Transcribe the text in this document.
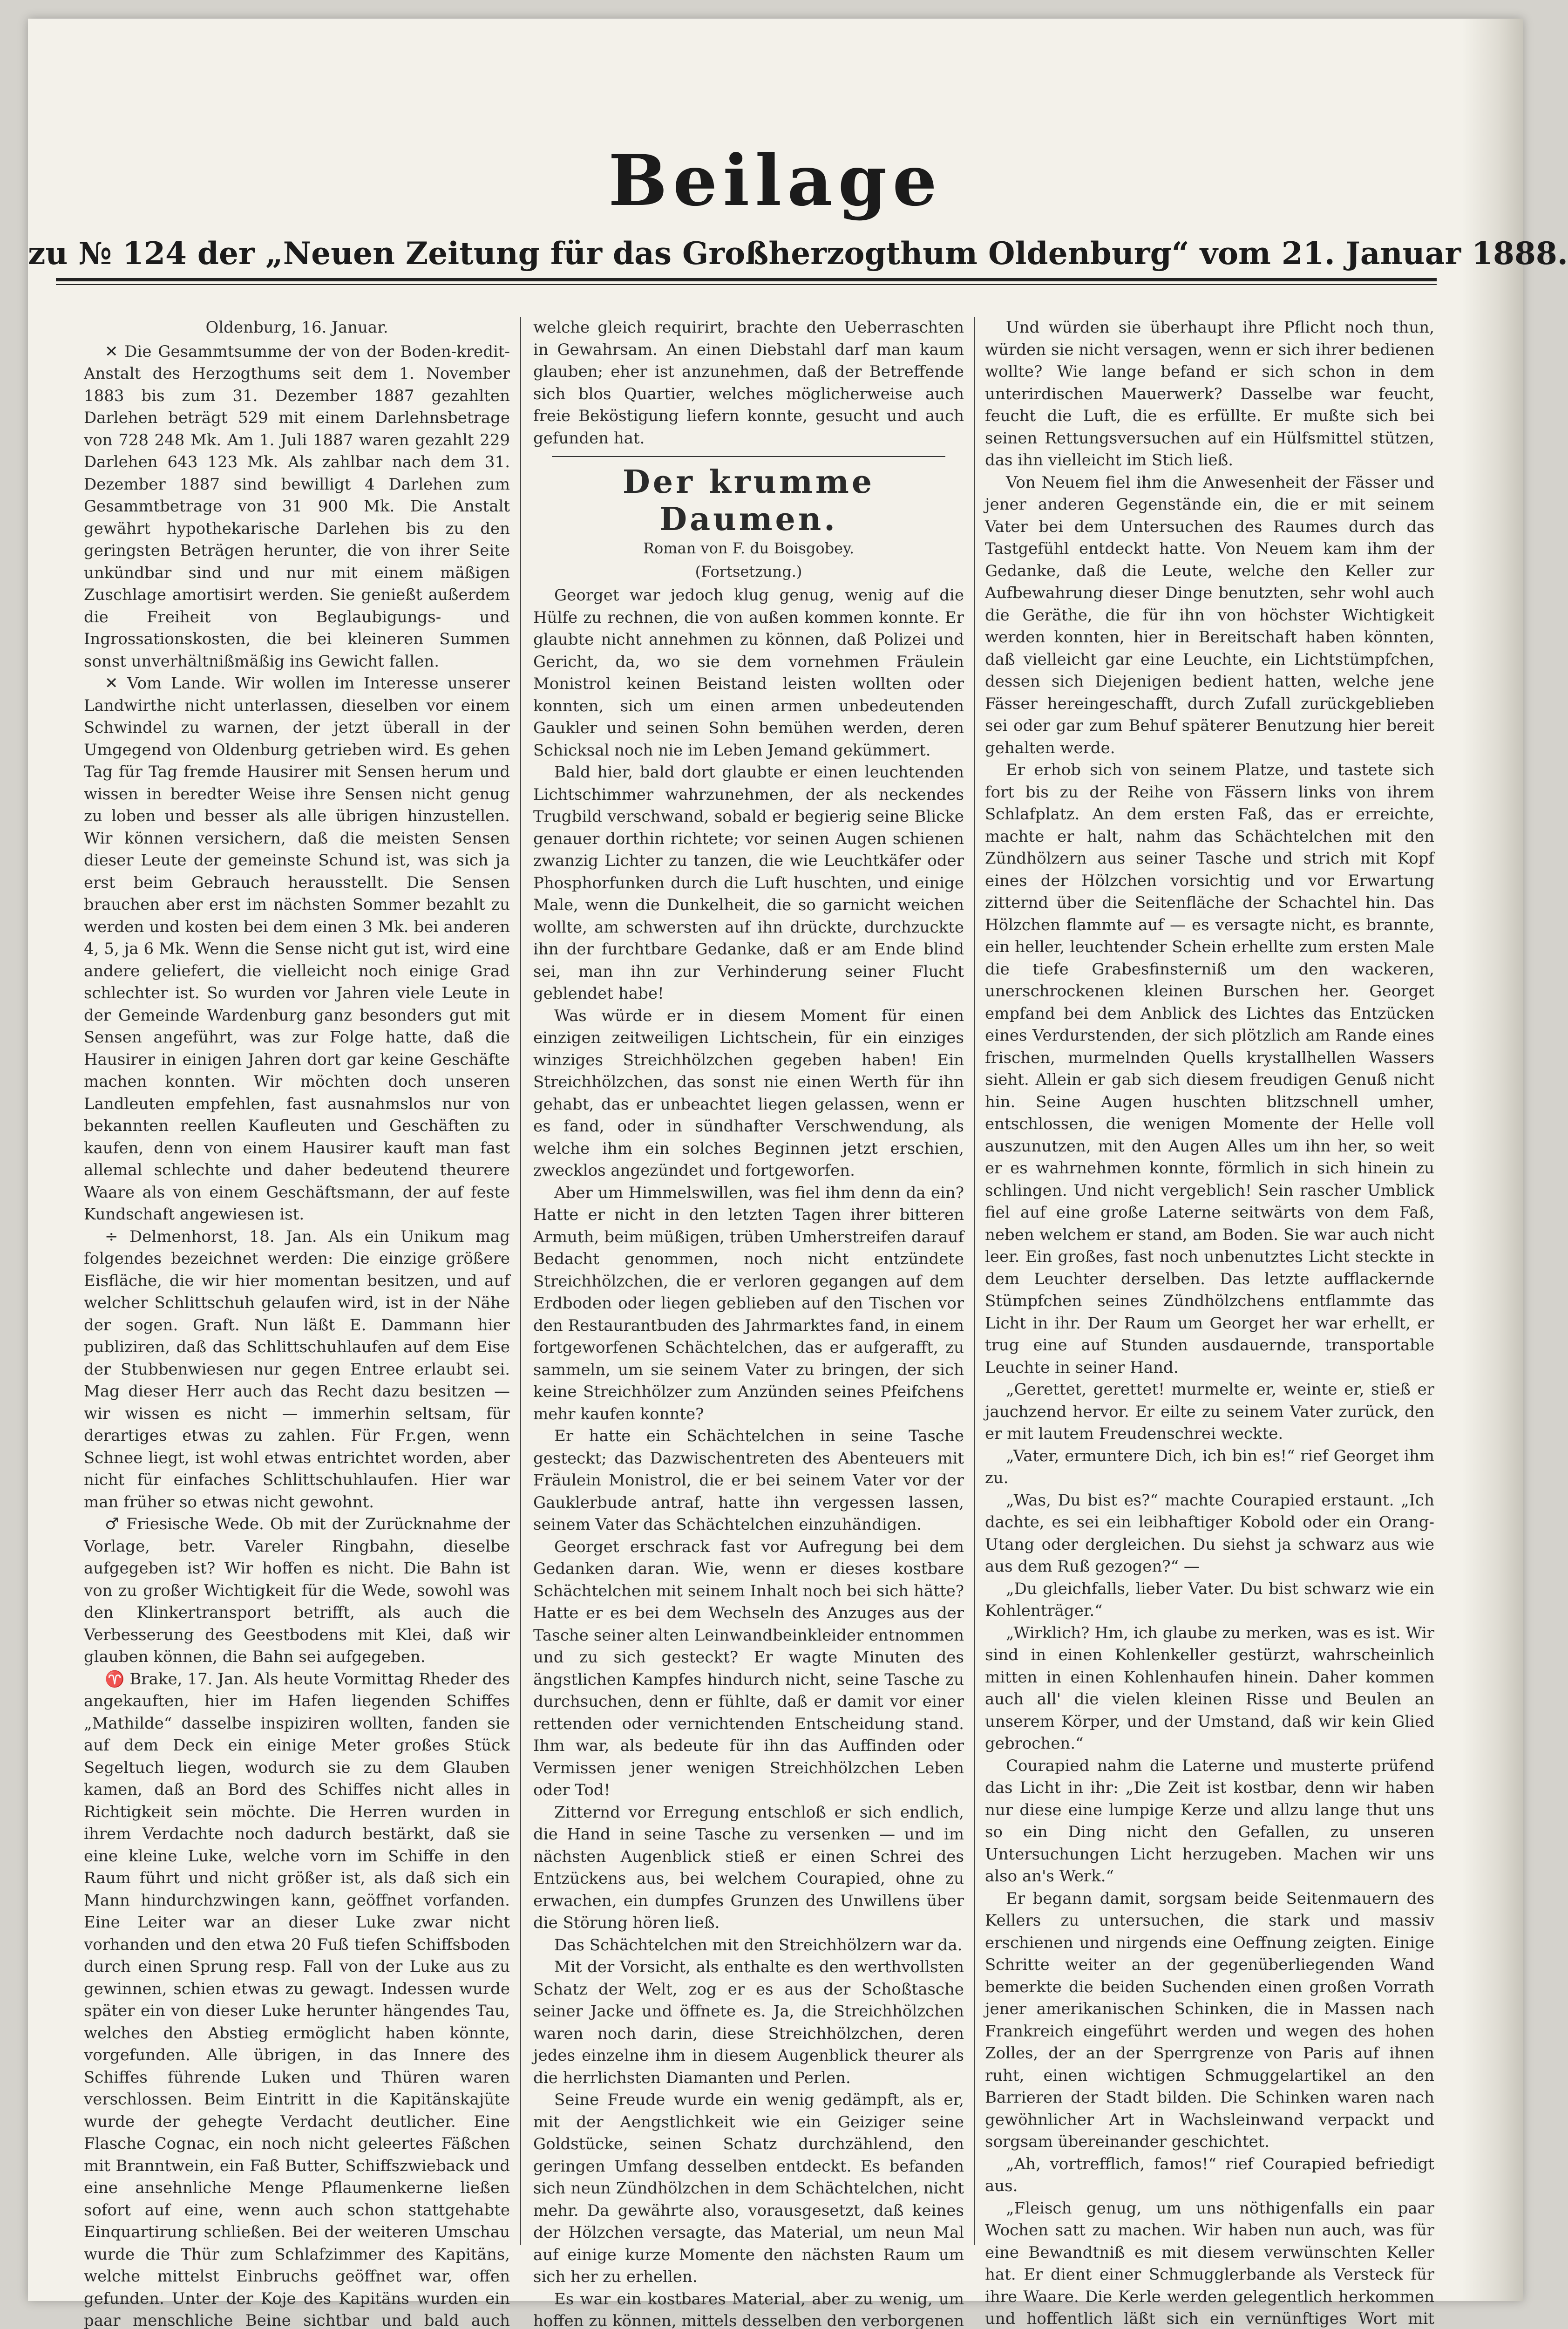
Beilage
zu № 124 der „Neuen Zeitung für das Großherzogthum Oldenburg“ vom 21. Januar 1888.

Oldenburg, 16. Januar.

✕ Die Gesammtsumme der von der Boden-kredit-Anstalt des Herzogthums seit dem 1. November 1883 bis zum 31. Dezember 1887 gezahlten Darlehen beträgt 529 mit einem Darlehnsbetrage von 728 248 Mk. Am 1. Juli 1887 waren gezahlt 229 Darlehen 643 123 Mk. Als zahlbar nach dem 31. Dezember 1887 sind bewilligt 4 Darlehen zum Gesammtbetrage von 31 900 Mk. Die Anstalt gewährt hypothekarische Darlehen bis zu den geringsten Beträgen herunter, die von ihrer Seite unkündbar sind und nur mit einem mäßigen Zuschlage amortisirt werden. Sie genießt außerdem die Freiheit von Beglaubigungs- und Ingrossationskosten, die bei kleineren Summen sonst unverhältnißmäßig ins Gewicht fallen.

✕ Vom Lande. Wir wollen im Interesse unserer Landwirthe nicht unterlassen, dieselben vor einem Schwindel zu warnen, der jetzt überall in der Umgegend von Oldenburg getrieben wird. Es gehen Tag für Tag fremde Hausirer mit Sensen herum und wissen in beredter Weise ihre Sensen nicht genug zu loben und besser als alle übrigen hinzustellen. Wir können versichern, daß die meisten Sensen dieser Leute der gemeinste Schund ist, was sich ja erst beim Gebrauch herausstellt. Die Sensen brauchen aber erst im nächsten Sommer bezahlt zu werden und kosten bei dem einen 3 Mk. bei anderen 4, 5, ja 6 Mk. Wenn die Sense nicht gut ist, wird eine andere geliefert, die vielleicht noch einige Grad schlechter ist. So wurden vor Jahren viele Leute in der Gemeinde Wardenburg ganz besonders gut mit Sensen angeführt, was zur Folge hatte, daß die Hausirer in einigen Jahren dort gar keine Geschäfte machen konnten. Wir möchten doch unseren Landleuten empfehlen, fast ausnahmslos nur von bekannten reellen Kaufleuten und Geschäften zu kaufen, denn von einem Hausirer kauft man fast allemal schlechte und daher bedeutend theurere Waare als von einem Geschäftsmann, der auf feste Kundschaft angewiesen ist.

÷ Delmenhorst, 18. Jan. Als ein Unikum mag folgendes bezeichnet werden: Die einzige größere Eisfläche, die wir hier momentan besitzen, und auf welcher Schlittschuh gelaufen wird, ist in der Nähe der sogen. Graft. Nun läßt E. Dammann hier publiziren, daß das Schlittschuhlaufen auf dem Eise der Stubbenwiesen nur gegen Entree erlaubt sei. Mag dieser Herr auch das Recht dazu besitzen — wir wissen es nicht — immerhin seltsam, für derartiges etwas zu zahlen. Für Fr.gen, wenn Schnee liegt, ist wohl etwas entrichtet worden, aber nicht für einfaches Schlittschuhlaufen. Hier war man früher so etwas nicht gewohnt.

♂ Friesische Wede. Ob mit der Zurücknahme der Vorlage, betr. Vareler Ringbahn, dieselbe aufgegeben ist? Wir hoffen es nicht. Die Bahn ist von zu großer Wichtigkeit für die Wede, sowohl was den Klinkertransport betrifft, als auch die Verbesserung des Geestbodens mit Klei, daß wir glauben können, die Bahn sei aufgegeben.

♈ Brake, 17. Jan. Als heute Vormittag Rheder des angekauften, hier im Hafen liegenden Schiffes „Mathilde“ dasselbe inspiziren wollten, fanden sie auf dem Deck ein einige Meter großes Stück Segeltuch liegen, wodurch sie zu dem Glauben kamen, daß an Bord des Schiffes nicht alles in Richtigkeit sein möchte. Die Herren wurden in ihrem Verdachte noch dadurch bestärkt, daß sie eine kleine Luke, welche vorn im Schiffe in den Raum führt und nicht größer ist, als daß sich ein Mann hindurchzwingen kann, geöffnet vorfanden. Eine Leiter war an dieser Luke zwar nicht vorhanden und den etwa 20 Fuß tiefen Schiffsboden durch einen Sprung resp. Fall von der Luke aus zu gewinnen, schien etwas zu gewagt. Indessen wurde später ein von dieser Luke herunter hängendes Tau, welches den Abstieg ermöglicht haben könnte, vorgefunden. Alle übrigen, in das Innere des Schiffes führende Luken und Thüren waren verschlossen. Beim Eintritt in die Kapitänskajüte wurde der gehegte Verdacht deutlicher. Eine Flasche Cognac, ein noch nicht geleertes Fäßchen mit Branntwein, ein Faß Butter, Schiffszwieback und eine ansehnliche Menge Pflaumenkerne ließen sofort auf eine, wenn auch schon stattgehabte Einquartirung schließen. Bei der weiteren Umschau wurde die Thür zum Schlafzimmer des Kapitäns, welche mittelst Einbruchs geöffnet war, offen gefunden. Unter der Koje des Kapitäns wurden ein paar menschliche Beine sichtbar und bald auch

welche gleich requirirt, brachte den Ueberraschten in Gewahrsam. An einen Diebstahl darf man kaum glauben; eher ist anzunehmen, daß der Betreffende sich blos Quartier, welches möglicherweise auch freie Beköstigung liefern konnte, gesucht und auch gefunden hat.

Der krumme Daumen.
Roman von F. du Boisgobey.
(Fortsetzung.)

Georget war jedoch klug genug, wenig auf die Hülfe zu rechnen, die von außen kommen konnte. Er glaubte nicht annehmen zu können, daß Polizei und Gericht, da, wo sie dem vornehmen Fräulein Monistrol keinen Beistand leisten wollten oder konnten, sich um einen armen unbedeutenden Gaukler und seinen Sohn bemühen werden, deren Schicksal noch nie im Leben Jemand gekümmert.

Bald hier, bald dort glaubte er einen leuchtenden Lichtschimmer wahrzunehmen, der als neckendes Trugbild verschwand, sobald er begierig seine Blicke genauer dorthin richtete; vor seinen Augen schienen zwanzig Lichter zu tanzen, die wie Leuchtkäfer oder Phosphorfunken durch die Luft huschten, und einige Male, wenn die Dunkelheit, die so garnicht weichen wollte, am schwersten auf ihn drückte, durchzuckte ihn der furchtbare Gedanke, daß er am Ende blind sei, man ihn zur Verhinderung seiner Flucht geblendet habe!

Was würde er in diesem Moment für einen einzigen zeitweiligen Lichtschein, für ein einziges winziges Streichhölzchen gegeben haben! Ein Streichhölzchen, das sonst nie einen Werth für ihn gehabt, das er unbeachtet liegen gelassen, wenn er es fand, oder in sündhafter Verschwendung, als welche ihm ein solches Beginnen jetzt erschien, zwecklos angezündet und fortgeworfen.

Aber um Himmelswillen, was fiel ihm denn da ein? Hatte er nicht in den letzten Tagen ihrer bitteren Armuth, beim müßigen, trüben Umherstreifen darauf Bedacht genommen, noch nicht entzündete Streichhölzchen, die er verloren gegangen auf dem Erdboden oder liegen geblieben auf den Tischen vor den Restaurantbuden des Jahrmarktes fand, in einem fortgeworfenen Schächtelchen, das er aufgerafft, zu sammeln, um sie seinem Vater zu bringen, der sich keine Streichhölzer zum Anzünden seines Pfeifchens mehr kaufen konnte?

Er hatte ein Schächtelchen in seine Tasche gesteckt; das Dazwischentreten des Abenteuers mit Fräulein Monistrol, die er bei seinem Vater vor der Gauklerbude antraf, hatte ihn vergessen lassen, seinem Vater das Schächtelchen einzuhändigen.

Georget erschrack fast vor Aufregung bei dem Gedanken daran. Wie, wenn er dieses kostbare Schächtelchen mit seinem Inhalt noch bei sich hätte? Hatte er es bei dem Wechseln des Anzuges aus der Tasche seiner alten Leinwandbeinkleider entnommen und zu sich gesteckt? Er wagte Minuten des ängstlichen Kampfes hindurch nicht, seine Tasche zu durchsuchen, denn er fühlte, daß er damit vor einer rettenden oder vernichtenden Entscheidung stand. Ihm war, als bedeute für ihn das Auffinden oder Vermissen jener wenigen Streichhölzchen Leben oder Tod!

Zitternd vor Erregung entschloß er sich endlich, die Hand in seine Tasche zu versenken — und im nächsten Augenblick stieß er einen Schrei des Entzückens aus, bei welchem Courapied, ohne zu erwachen, ein dumpfes Grunzen des Unwillens über die Störung hören ließ.

Das Schächtelchen mit den Streichhölzern war da.

Mit der Vorsicht, als enthalte es den werthvollsten Schatz der Welt, zog er es aus der Schoßtasche seiner Jacke und öffnete es. Ja, die Streichhölzchen waren noch darin, diese Streichhölzchen, deren jedes einzelne ihm in diesem Augenblick theurer als die herrlichsten Diamanten und Perlen.

Seine Freude wurde ein wenig gedämpft, als er, mit der Aengstlichkeit wie ein Geiziger seine Goldstücke, seinen Schatz durchzählend, den geringen Umfang desselben entdeckt. Es befanden sich neun Zündhölzchen in dem Schächtelchen, nicht mehr. Da gewährte also, vorausgesetzt, daß keines der Hölzchen versagte, das Material, um neun Mal auf einige kurze Momente den nächsten Raum um sich her zu erhellen.

Es war ein kostbares Material, aber zu wenig, um hoffen zu können, mittels desselben den verborgenen

Und würden sie überhaupt ihre Pflicht noch thun, würden sie nicht versagen, wenn er sich ihrer bedienen wollte? Wie lange befand er sich schon in dem unterirdischen Mauerwerk? Dasselbe war feucht, feucht die Luft, die es erfüllte. Er mußte sich bei seinen Rettungsversuchen auf ein Hülfsmittel stützen, das ihn vielleicht im Stich ließ.

Von Neuem fiel ihm die Anwesenheit der Fässer und jener anderen Gegenstände ein, die er mit seinem Vater bei dem Untersuchen des Raumes durch das Tastgefühl entdeckt hatte. Von Neuem kam ihm der Gedanke, daß die Leute, welche den Keller zur Aufbewahrung dieser Dinge benutzten, sehr wohl auch die Geräthe, die für ihn von höchster Wichtigkeit werden konnten, hier in Bereitschaft haben könnten, daß vielleicht gar eine Leuchte, ein Lichtstümpfchen, dessen sich Diejenigen bedient hatten, welche jene Fässer hereingeschafft, durch Zufall zurückgeblieben sei oder gar zum Behuf späterer Benutzung hier bereit gehalten werde.

Er erhob sich von seinem Platze, und tastete sich fort bis zu der Reihe von Fässern links von ihrem Schlafplatz. An dem ersten Faß, das er erreichte, machte er halt, nahm das Schächtelchen mit den Zündhölzern aus seiner Tasche und strich mit Kopf eines der Hölzchen vorsichtig und vor Erwartung zitternd über die Seitenfläche der Schachtel hin. Das Hölzchen flammte auf — es versagte nicht, es brannte, ein heller, leuchtender Schein erhellte zum ersten Male die tiefe Grabesfinsterniß um den wackeren, unerschrockenen kleinen Burschen her. Georget empfand bei dem Anblick des Lichtes das Entzücken eines Verdurstenden, der sich plötzlich am Rande eines frischen, murmelnden Quells krystallhellen Wassers sieht. Allein er gab sich diesem freudigen Genuß nicht hin. Seine Augen huschten blitzschnell umher, entschlossen, die wenigen Momente der Helle voll auszunutzen, mit den Augen Alles um ihn her, so weit er es wahrnehmen konnte, förmlich in sich hinein zu schlingen. Und nicht vergeblich! Sein rascher Umblick fiel auf eine große Laterne seitwärts von dem Faß, neben welchem er stand, am Boden. Sie war auch nicht leer. Ein großes, fast noch unbenutztes Licht steckte in dem Leuchter derselben. Das letzte aufflackernde Stümpfchen seines Zündhölzchens entflammte das Licht in ihr. Der Raum um Georget her war erhellt, er trug eine auf Stunden ausdauernde, transportable Leuchte in seiner Hand.

„Gerettet, gerettet! murmelte er, weinte er, stieß er jauchzend hervor. Er eilte zu seinem Vater zurück, den er mit lautem Freudenschrei weckte.

„Vater, ermuntere Dich, ich bin es!“ rief Georget ihm zu.

„Was, Du bist es?“ machte Courapied erstaunt. „Ich dachte, es sei ein leibhaftiger Kobold oder ein Orang-Utang oder dergleichen. Du siehst ja schwarz aus wie aus dem Ruß gezogen?“ —

„Du gleichfalls, lieber Vater. Du bist schwarz wie ein Kohlenträger.“

„Wirklich? Hm, ich glaube zu merken, was es ist. Wir sind in einen Kohlenkeller gestürzt, wahrscheinlich mitten in einen Kohlenhaufen hinein. Daher kommen auch all' die vielen kleinen Risse und Beulen an unserem Körper, und der Umstand, daß wir kein Glied gebrochen.“

Courapied nahm die Laterne und musterte prüfend das Licht in ihr: „Die Zeit ist kostbar, denn wir haben nur diese eine lumpige Kerze und allzu lange thut uns so ein Ding nicht den Gefallen, zu unseren Untersuchungen Licht herzugeben. Machen wir uns also an's Werk.“

Er begann damit, sorgsam beide Seitenmauern des Kellers zu untersuchen, die stark und massiv erschienen und nirgends eine Oeffnung zeigten. Einige Schritte weiter an der gegenüberliegenden Wand bemerkte die beiden Suchenden einen großen Vorrath jener amerikanischen Schinken, die in Massen nach Frankreich eingeführt werden und wegen des hohen Zolles, der an der Sperrgrenze von Paris auf ihnen ruht, einen wichtigen Schmuggelartikel an den Barrieren der Stadt bilden. Die Schinken waren nach gewöhnlicher Art in Wachsleinwand verpackt und sorgsam übereinander geschichtet.

„Ah, vortrefflich, famos!“ rief Courapied befriedigt aus.

„Fleisch genug, um uns nöthigenfalls ein paar Wochen satt zu machen. Wir haben nun auch, was für eine Bewandtniß es mit diesem verwünschten Keller hat. Er dient einer Schmugglerbande als Versteck für ihre Waare. Die Kerle werden gelegentlich herkommen und hoffentlich läßt sich ein vernünftiges Wort mit
